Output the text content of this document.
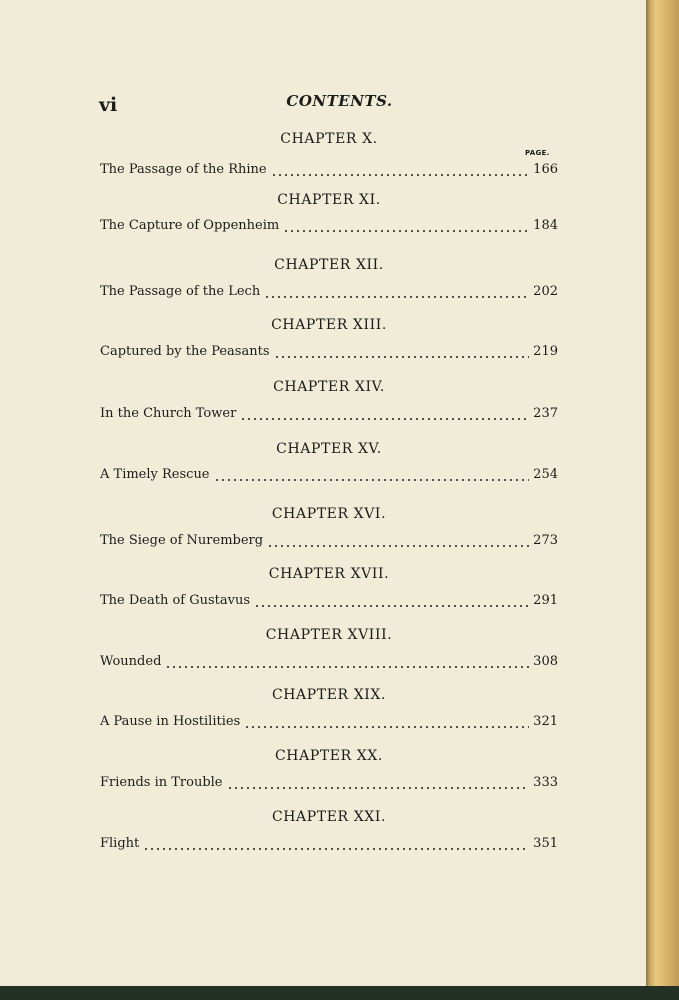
vi	CONTENTS.

PAGE.

CHAPTER X.

The Passage of the Rhine	166

CHAPTER XI.

The Capture of Oppenheim	184

CHAPTER XII.

The Passage of the Lech	202

CHAPTER XIII.

Captured by the Peasants	219

CHAPTER XIV.

In the Church Tower	237

CHAPTER XV.

A Timely Rescue	254

CHAPTER XVI.

The Siege of Nuremberg	273

CHAPTER XVII.

The Death of Gustavus	291

CHAPTER XVIII.

Wounded	308

CHAPTER XIX.

A Pause in Hostilities	321

CHAPTER XX.

Friends in Trouble	333

CHAPTER XXI.

Flight	351
